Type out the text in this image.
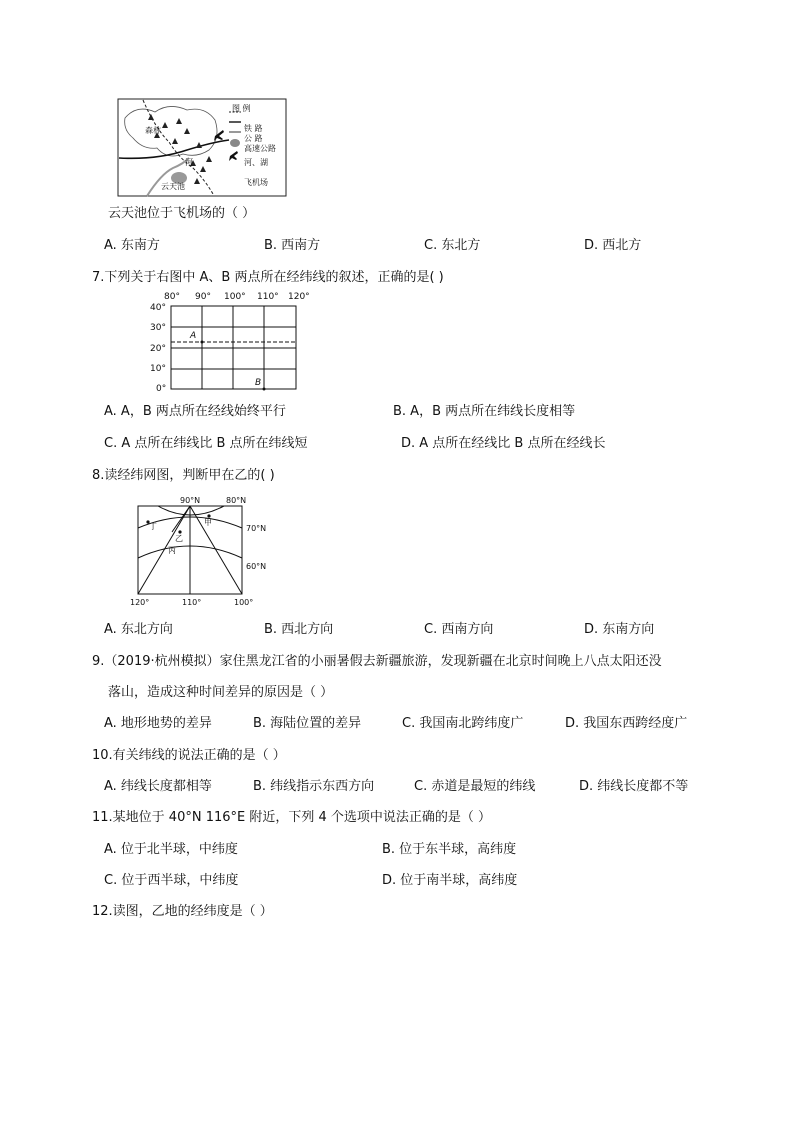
图 例
铁 路
公 路
高速公路
河、湖
飞机场
森林
河
云天池
云天池位于飞机场的（ ）
A. 东南方	B. 西南方	C. 东北方	D. 西北方
7.下列关于右图中 A、B 两点所在经纬线的叙述，正确的是( )
80° 90° 100° 110° 120°
40°
30°
20°
10°
0°
A
B
A. A，B 两点所在经线始终平行	B. A，B 两点所在纬线长度相等
C. A 点所在纬线比 B 点所在纬线短	D. A 点所在经线比 B 点所在经线长
8.读经纬网图，判断甲在乙的( )
90°N	80°N
70°N
60°N
120°	110°	100°
甲
乙
丙
丁
A. 东北方向	B. 西北方向	C. 西南方向	D. 东南方向
9.（2019·杭州模拟）家住黑龙江省的小丽暑假去新疆旅游，发现新疆在北京时间晚上八点太阳还没
落山，造成这种时间差异的原因是（ ）
A. 地形地势的差异	B. 海陆位置的差异	C. 我国南北跨纬度广	D. 我国东西跨经度广
10.有关纬线的说法正确的是（ ）
A. 纬线长度都相等	B. 纬线指示东西方向	C. 赤道是最短的纬线	D. 纬线长度都不等
11.某地位于 40°N 116°E 附近，下列 4 个选项中说法正确的是（ ）
A. 位于北半球，中纬度	B. 位于东半球，高纬度
C. 位于西半球，中纬度	D. 位于南半球，高纬度
12.读图，乙地的经纬度是（ ）
